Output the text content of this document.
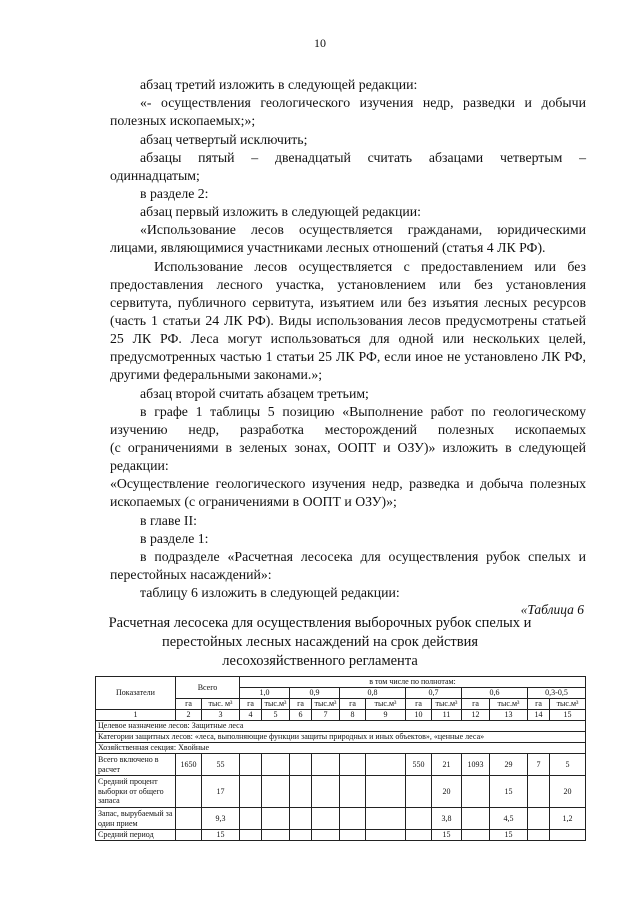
10
абзац третий изложить в следующей редакции:
«- осуществления геологического изучения недр, разведки и добычи
полезных ископаемых;»;
абзац четвертый исключить;
абзацы пятый – двенадцатый считать абзацами четвертым –
одиннадцатым;
в разделе 2:
абзац первый изложить в следующей редакции:
«Использование лесов осуществляется гражданами, юридическими
лицами, являющимися участниками лесных отношений (статья 4 ЛК РФ).
Использование лесов осуществляется с предоставлением или без
предоставления лесного участка, установлением или без установления
сервитута, публичного сервитута, изъятием или без изъятия лесных ресурсов
(часть 1 статьи 24 ЛК РФ). Виды использования лесов предусмотрены статьей
25 ЛК РФ. Леса могут использоваться для одной или нескольких целей,
предусмотренных частью 1 статьи 25 ЛК РФ, если иное не установлено ЛК РФ,
другими федеральными законами.»;
абзац второй считать абзацем третьим;
в графе 1 таблицы 5 позицию «Выполнение работ по геологическому
изучению недр, разработка месторождений полезных ископаемых
(с ограничениями в зеленых зонах, ООПТ и ОЗУ)» изложить в следующей
редакции:
«Осуществление геологического изучения недр, разведка и добыча полезных
ископаемых (с ограничениями в ООПТ и ОЗУ)»;
в главе II:
в разделе 1:
в подразделе «Расчетная лесосека для осуществления рубок спелых и
перестойных насаждений»:
таблицу 6 изложить в следующей редакции:
«Таблица 6
Расчетная лесосека для осуществления выборочных рубок спелых и
перестойных лесных насаждений на срок действия
лесохозяйственного регламента
Показатели	Всего		в том числе по полнотам:											
			1,0		0,9		0,8		0,7		0,6		0,3-0,5	
	га	тыс. м³	га	тыс.м³	га	тыс.м³	га	тыс.м³	га	тыс.м³	га	тыс.м³	га	тыс.м³
1	2	3	4	5	6	7	8	9	10	11	12	13	14	15
Целевое назначение лесов: Защитные леса														
Категории защитных лесов: «леса, выполняющие функции защиты природных и иных объектов», «ценные леса»														
Хозяйственная секция: Хвойные														
Всего включено в расчет	1650	55							550	21	1093	29	7	5
Средний процент выборки от общего запаса		17								20		15		20
Запас, вырубаемый за один прием		9,3								3,8		4,5		1,2
Средний период		15								15		15		
